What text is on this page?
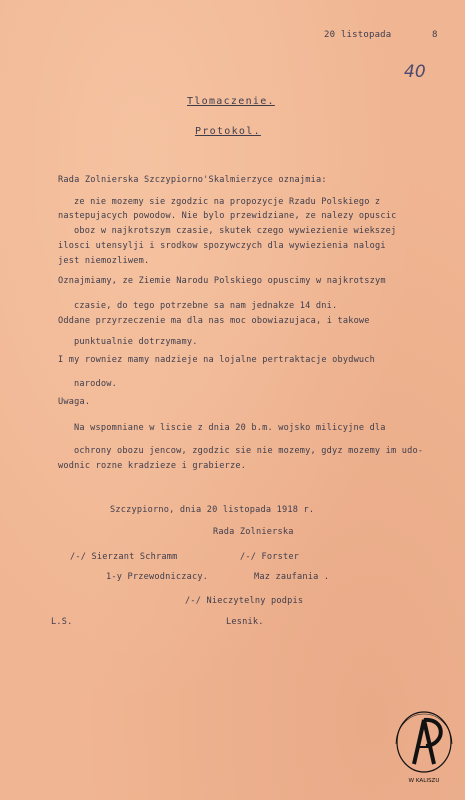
20 listopada	8
40
Tlomaczenie.
Protokol.
Rada Zolnierska Szczypiorno'Skalmierzyce oznajmia:
ze nie mozemy sie zgodzic na propozycje Rzadu Polskiego z
nastepujacych powodow. Nie bylo przewidziane, ze nalezy opuscic
oboz w najkrotszym czasie, skutek czego wywiezienie wiekszej
ilosci utensylji i srodkow spozywczych dla wywiezienia nalogi
jest niemozliwem.
Oznajmiamy, ze Ziemie Narodu Polskiego opuscimy w najkrotszym
czasie, do tego potrzebne sa nam jednakze 14 dni.
Oddane przyrzeczenie ma dla nas moc obowiazujaca, i takowe
punktualnie dotrzymamy.
I my rowniez mamy nadzieje na lojalne pertraktacje obydwuch
narodow.
Uwaga.
Na wspomniane w liscie z dnia 20 b.m. wojsko milicyjne dla
ochrony obozu jencow, zgodzic sie nie mozemy, gdyz mozemy im udo-
wodnic rozne kradzieze i grabierze.
Szczypiorno, dnia 20 listopada 1918 r.
Rada Zolnierska
/-/ Sierzant Schramm	/-/ Forster
1-y Przewodniczacy.	Maz zaufania .
/-/ Nieczytelny podpis
L.S.	Lesnik.
W KALISZU
